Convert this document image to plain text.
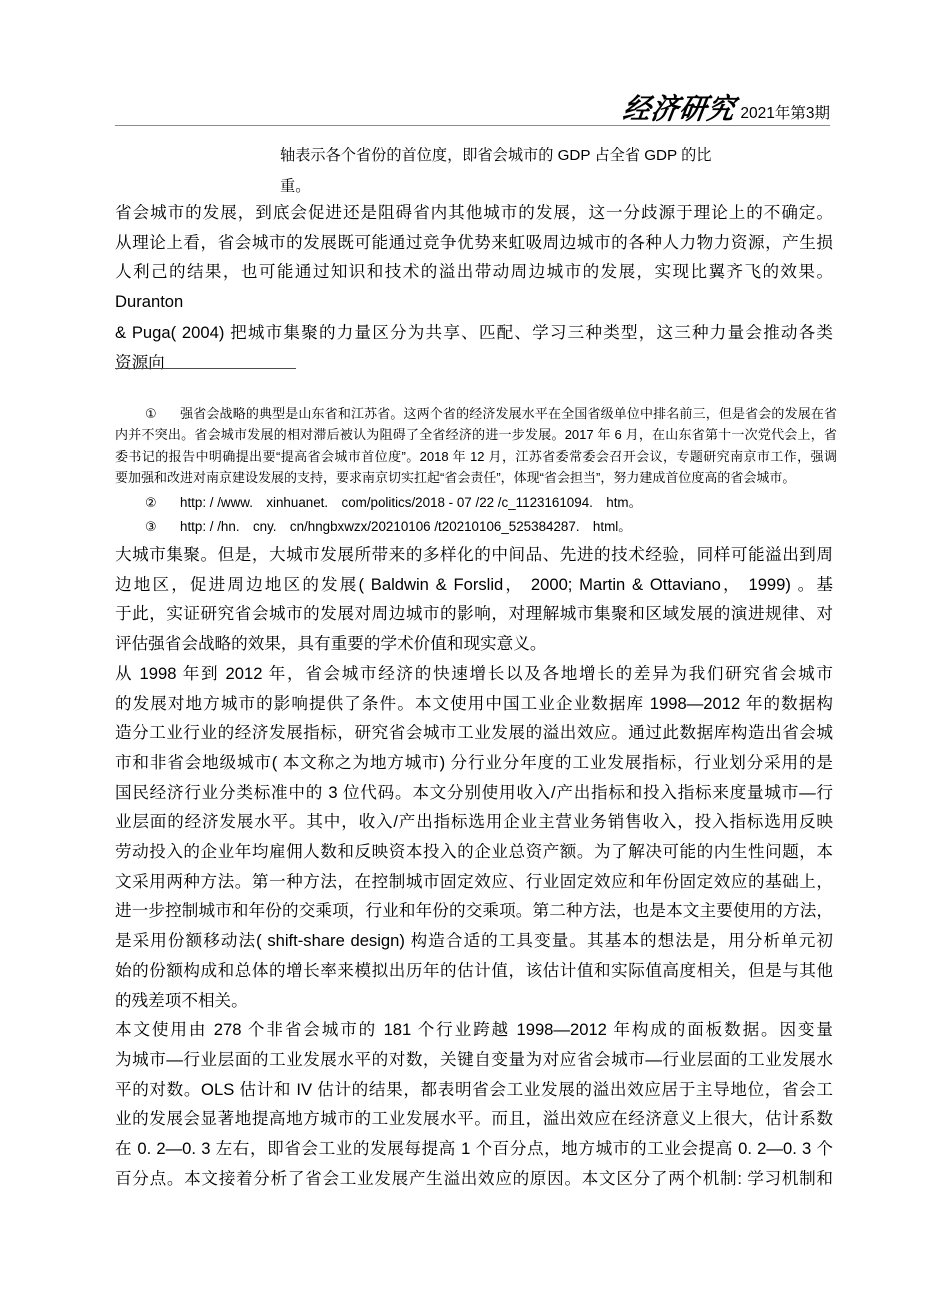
经济研究 2021年第3期
轴表示各个省份的首位度，即省会城市的 GDP 占全省 GDP 的比
重。
省会城市的发展，到底会促进还是阻碍省内其他城市的发展，这一分歧源于理论上的不确定。
从理论上看，省会城市的发展既可能通过竞争优势来虹吸周边城市的各种人力物力资源，产生损
人利己的结果，也可能通过知识和技术的溢出带动周边城市的发展，实现比翼齐飞的效果。
Duranton
& Puga( 2004) 把城市集聚的力量区分为共享、匹配、学习三种类型，这三种力量会推动各类
资源向
① 强省会战略的典型是山东省和江苏省。这两个省的经济发展水平在全国省级单位中排名前三，但是省会的发展在省
内并不突出。省会城市发展的相对滞后被认为阻碍了全省经济的进一步发展。2017 年 6 月，在山东省第十一次党代会上，省
委书记的报告中明确提出要“提高省会城市首位度”。2018 年 12 月，江苏省委常委会召开会议，专题研究南京市工作，强调
要加强和改进对南京建设发展的支持，要求南京切实扛起“省会责任”，体现“省会担当”，努力建成首位度高的省会城市。
② http: / /www.　xinhuanet.　com/politics/2018 - 07 /22 /c_1123161094.　htm。
③ http: / /hn.　cny.　cn/hngbxwzx/20210106 /t20210106_525384287.　html。
大城市集聚。但是，大城市发展所带来的多样化的中间品、先进的技术经验，同样可能溢出到周
边地区，促进周边地区的发展( Baldwin & Forslid， 2000; Martin & Ottaviano， 1999) 。基
于此，实证研究省会城市的发展对周边城市的影响，对理解城市集聚和区域发展的演进规律、对
评估强省会战略的效果，具有重要的学术价值和现实意义。
从 1998 年到 2012 年，省会城市经济的快速增长以及各地增长的差异为我们研究省会城市
的发展对地方城市的影响提供了条件。本文使用中国工业企业数据库 1998—2012 年的数据构
造分工业行业的经济发展指标，研究省会城市工业发展的溢出效应。通过此数据库构造出省会城
市和非省会地级城市( 本文称之为地方城市) 分行业分年度的工业发展指标，行业划分采用的是
国民经济行业分类标准中的 3 位代码。本文分别使用收入/产出指标和投入指标来度量城市—行
业层面的经济发展水平。其中，收入/产出指标选用企业主营业务销售收入，投入指标选用反映
劳动投入的企业年均雇佣人数和反映资本投入的企业总资产额。为了解决可能的内生性问题，本
文采用两种方法。第一种方法，在控制城市固定效应、行业固定效应和年份固定效应的基础上，
进一步控制城市和年份的交乘项，行业和年份的交乘项。第二种方法，也是本文主要使用的方法，
是采用份额移动法( shift-share design) 构造合适的工具变量。其基本的想法是，用分析单元初
始的份额构成和总体的增长率来模拟出历年的估计值，该估计值和实际值高度相关，但是与其他
的残差项不相关。
本文使用由 278 个非省会城市的 181 个行业跨越 1998—2012 年构成的面板数据。因变量
为城市—行业层面的工业发展水平的对数，关键自变量为对应省会城市—行业层面的工业发展水
平的对数。OLS 估计和 IV 估计的结果，都表明省会工业发展的溢出效应居于主导地位，省会工
业的发展会显著地提高地方城市的工业发展水平。而且，溢出效应在经济意义上很大，估计系数
在 0. 2—0. 3 左右，即省会工业的发展每提高 1 个百分点，地方城市的工业会提高 0. 2—0. 3 个
百分点。本文接着分析了省会工业发展产生溢出效应的原因。本文区分了两个机制: 学习机制和
